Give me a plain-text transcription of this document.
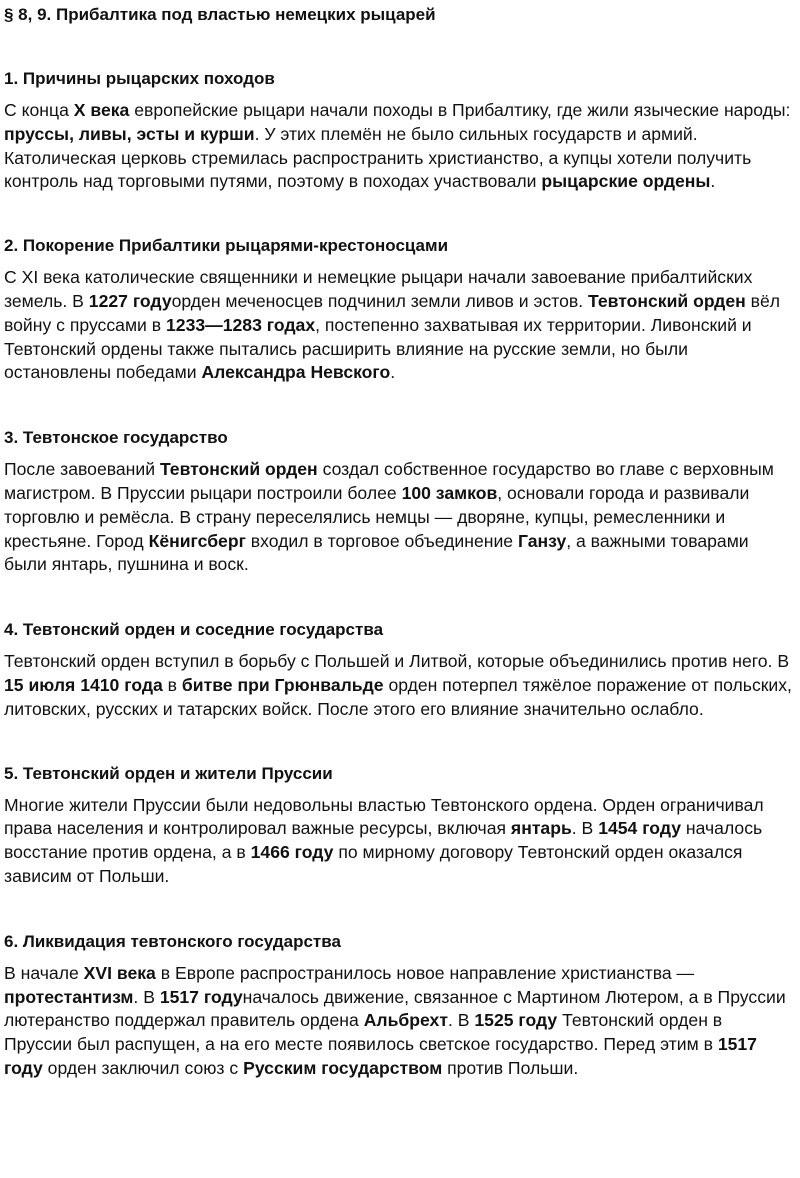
§ 8, 9. Прибалтика под властью немецких рыцарей
1. Причины рыцарских походов

С конца X века европейские рыцари начали походы в Прибалтику, где жили языческие народы: пруссы, ливы, эсты и курши. У этих племён не было сильных государств и армий. Католическая церковь стремилась распространить христианство, а купцы хотели получить контроль над торговыми путями, поэтому в походах участвовали рыцарские ордены.

2. Покорение Прибалтики рыцарями-крестоносцами

С XI века католические священники и немецкие рыцари начали завоевание прибалтийских земель. В 1227 годуорден меченосцев подчинил земли ливов и эстов. Тевтонский орден вёл войну с пруссами в 1233—1283 годах, постепенно захватывая их территории. Ливонский и Тевтонский ордены также пытались расширить влияние на русские земли, но были остановлены победами Александра Невского.

3. Тевтонское государство

После завоеваний Тевтонский орден создал собственное государство во главе с верховным магистром. В Пруссии рыцари построили более 100 замков, основали города и развивали торговлю и ремёсла. В страну переселялись немцы — дворяне, купцы, ремесленники и крестьяне. Город Кёнигсберг входил в торговое объединение Ганзу, а важными товарами были янтарь, пушнина и воск.

4. Тевтонский орден и соседние государства

Тевтонский орден вступил в борьбу с Польшей и Литвой, которые объединились против него. В 15 июля 1410 года в битве при Грюнвальде орден потерпел тяжёлое поражение от польских, литовских, русских и татарских войск. После этого его влияние значительно ослабло.

5. Тевтонский орден и жители Пруссии

Многие жители Пруссии были недовольны властью Тевтонского ордена. Орден ограничивал права населения и контролировал важные ресурсы, включая янтарь. В 1454 году началось восстание против ордена, а в 1466 году по мирному договору Тевтонский орден оказался зависим от Польши.

6. Ликвидация тевтонского государства

В начале XVI века в Европе распространилось новое направление христианства — протестантизм. В 1517 годуначалось движение, связанное с Мартином Лютером, а в Пруссии лютеранство поддержал правитель ордена Альбрехт. В 1525 году Тевтонский орден в Пруссии был распущен, а на его месте появилось светское государство. Перед этим в 1517 году орден заключил союз с Русским государством против Польши.
